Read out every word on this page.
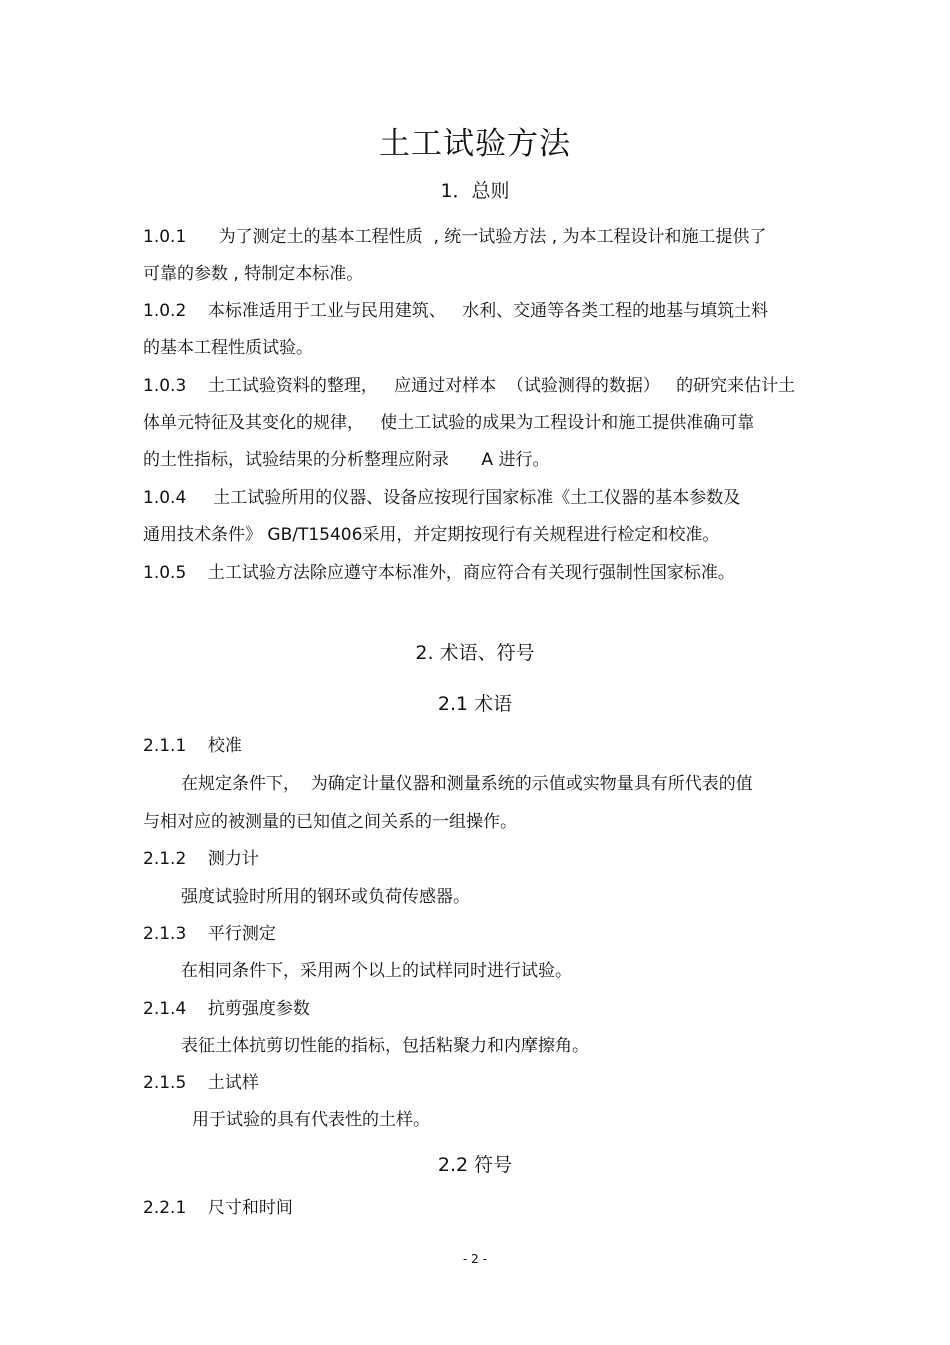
土工试验方法
1．总则
1.0.1      为了测定土的基本工程性质  , 统一试验方法 , 为本工程设计和施工提供了
可靠的参数 , 特制定本标准。
1.0.2    本标准适用于工业与民用建筑、   水利、交通等各类工程的地基与填筑土料
的基本工程性质试验。
1.0.3    土工试验资料的整理，   应通过对样本  （试验测得的数据）   的研究来估计土
体单元特征及其变化的规律，   使土工试验的成果为工程设计和施工提供准确可靠
的土性指标，试验结果的分析整理应附录      A 进行。
1.0.4     土工试验所用的仪器、设备应按现行国家标准《土工仪器的基本参数及
通用技术条件》 GB/T15406采用，并定期按现行有关规程进行检定和校准。
1.0.5    土工试验方法除应遵守本标准外，商应符合有关现行强制性国家标准。
2. 术语、符号
2.1 术语
2.1.1    校准
在规定条件下，  为确定计量仪器和测量系统的示值或实物量具有所代表的值
与相对应的被测量的已知值之间关系的一组操作。
2.1.2    测力计
强度试验时所用的钢环或负荷传感器。
2.1.3    平行测定
在相同条件下，采用两个以上的试样同时进行试验。
2.1.4    抗剪强度参数
表征土体抗剪切性能的指标，包括粘聚力和内摩擦角。
2.1.5    土试样
用于试验的具有代表性的土样。
2.2 符号
2.2.1    尺寸和时间
- 2 -
